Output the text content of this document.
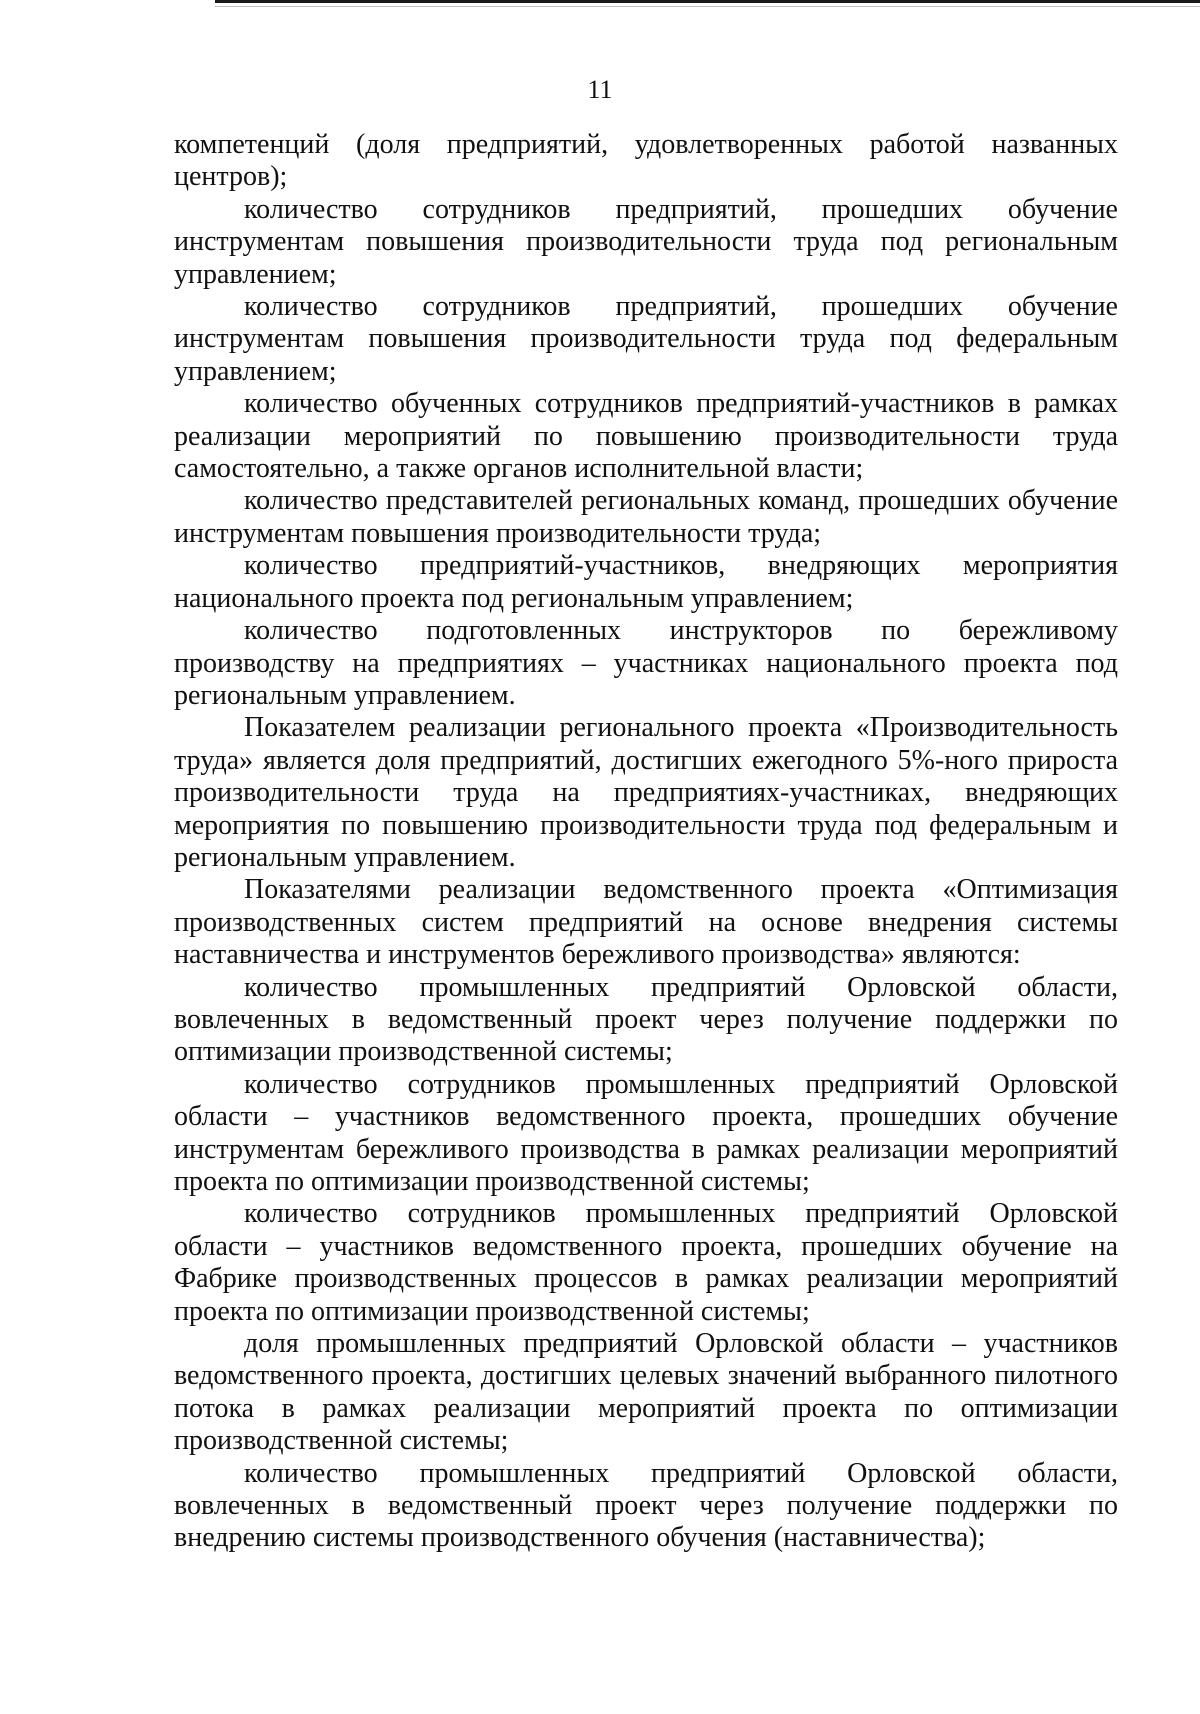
11

компетенций (доля предприятий, удовлетворенных работой названных центров);

количество сотрудников предприятий, прошедших обучение инструментам повышения производительности труда под региональным управлением;

количество сотрудников предприятий, прошедших обучение инструментам повышения производительности труда под федеральным управлением;

количество обученных сотрудников предприятий-участников в рамках реализации мероприятий по повышению производительности труда самостоятельно, а также органов исполнительной власти;

количество представителей региональных команд, прошедших обучение инструментам повышения производительности труда;

количество предприятий-участников, внедряющих мероприятия национального проекта под региональным управлением;

количество подготовленных инструкторов по бережливому производству на предприятиях – участниках национального проекта под региональным управлением.

Показателем реализации регионального проекта «Производительность труда» является доля предприятий, достигших ежегодного 5%-ного прироста производительности труда на предприятиях-участниках, внедряющих мероприятия по повышению производительности труда под федеральным и региональным управлением.

Показателями реализации ведомственного проекта «Оптимизация производственных систем предприятий на основе внедрения системы наставничества и инструментов бережливого производства» являются:

количество промышленных предприятий Орловской области, вовлеченных в ведомственный проект через получение поддержки по оптимизации производственной системы;

количество сотрудников промышленных предприятий Орловской области – участников ведомственного проекта, прошедших обучение инструментам бережливого производства в рамках реализации мероприятий проекта по оптимизации производственной системы;

количество сотрудников промышленных предприятий Орловской области – участников ведомственного проекта, прошедших обучение на Фабрике производственных процессов в рамках реализации мероприятий проекта по оптимизации производственной системы;

доля промышленных предприятий Орловской области – участников ведомственного проекта, достигших целевых значений выбранного пилотного потока в рамках реализации мероприятий проекта по оптимизации производственной системы;

количество промышленных предприятий Орловской области, вовлеченных в ведомственный проект через получение поддержки по внедрению системы производственного обучения (наставничества);
